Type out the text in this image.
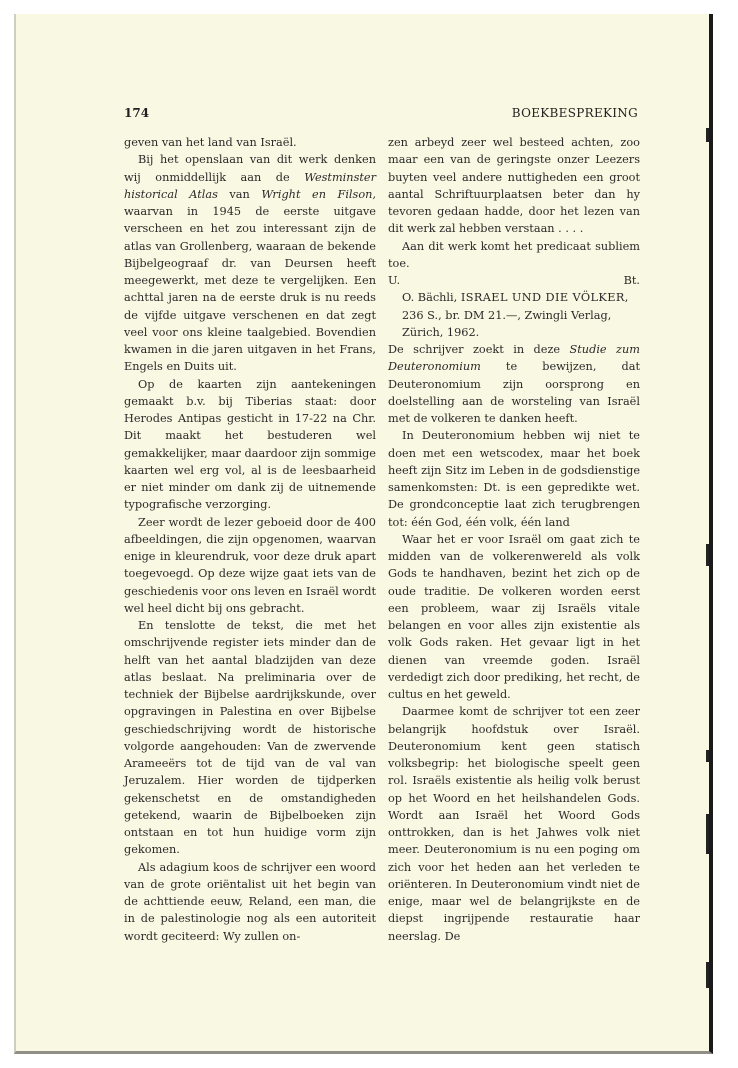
174	BOEKBESPREKING

geven van het land van Israël.

Bij het openslaan van dit werk denken wij onmiddellijk aan de Westminster historical Atlas van Wright en Filson, waarvan in 1945 de eerste uitgave verscheen en het zou interessant zijn de atlas van Grollenberg, waaraan de bekende Bijbelgeograaf dr. van Deursen heeft meegewerkt, met deze te vergelijken. Een achttal jaren na de eerste druk is nu reeds de vijfde uitgave verschenen en dat zegt veel voor ons kleine taalgebied. Bovendien kwamen in die jaren uitgaven in het Frans, Engels en Duits uit.

Op de kaarten zijn aantekeningen gemaakt b.v. bij Tiberias staat: door Herodes Antipas gesticht in 17-22 na Chr. Dit maakt het bestuderen wel gemakkelijker, maar daardoor zijn sommige kaarten wel erg vol, al is de leesbaarheid er niet minder om dank zij de uitnemende typografische verzorging.

Zeer wordt de lezer geboeid door de 400 afbeeldingen, die zijn opgenomen, waarvan enige in kleurendruk, voor deze druk apart toegevoegd. Op deze wijze gaat iets van de geschiedenis voor ons leven en Israël wordt wel heel dicht bij ons gebracht.

En tenslotte de tekst, die met het omschrijvende register iets minder dan de helft van het aantal bladzijden van deze atlas beslaat. Na preliminaria over de techniek der Bijbelse aardrijkskunde, over opgravingen in Palestina en over Bijbelse geschiedschrijving wordt de historische volgorde aangehouden: Van de zwervende Arameeërs tot de tijd van de val van Jeruzalem. Hier worden de tijdperken gekenschetst en de omstandigheden getekend, waarin de Bijbelboeken zijn ontstaan en tot hun huidige vorm zijn gekomen.

Als adagium koos de schrijver een woord van de grote oriëntalist uit het begin van de achttiende eeuw, Reland, een man, die in de palestinologie nog als een autoriteit wordt geciteerd: Wy zullen on-

zen arbeyd zeer wel besteed achten, zoo maar een van de geringste onzer Leezers buyten veel andere nuttigheden een groot aantal Schriftuurplaatsen beter dan hy tevoren gedaan hadde, door het lezen van dit werk zal hebben verstaan . . . .

Aan dit werk komt het predicaat subliem toe.

U.	Bt.

O. Bächli, ISRAEL UND DIE VÖLKER, 236 S., br. DM 21.—, Zwingli Verlag, Zürich, 1962.

De schrijver zoekt in deze Studie zum Deuteronomium te bewijzen, dat Deuteronomium zijn oorsprong en doelstelling aan de worsteling van Israël met de volkeren te danken heeft.

In Deuteronomium hebben wij niet te doen met een wetscodex, maar het boek heeft zijn Sitz im Leben in de godsdienstige samenkomsten: Dt. is een gepredikte wet. De grondconceptie laat zich terugbrengen tot: één God, één volk, één land

Waar het er voor Israël om gaat zich te midden van de volkerenwereld als volk Gods te handhaven, bezint het zich op de oude traditie. De volkeren worden eerst een probleem, waar zij Israëls vitale belangen en voor alles zijn existentie als volk Gods raken. Het gevaar ligt in het dienen van vreemde goden. Israël verdedigt zich door prediking, het recht, de cultus en het geweld.

Daarmee komt de schrijver tot een zeer belangrijk hoofdstuk over Israël. Deuteronomium kent geen statisch volksbegrip: het biologische speelt geen rol. Israëls existentie als heilig volk berust op het Woord en het heilshandelen Gods. Wordt aan Israël het Woord Gods onttrokken, dan is het Jahwes volk niet meer. Deuteronomium is nu een poging om zich voor het heden aan het verleden te oriënteren. In Deuteronomium vindt niet de enige, maar wel de belangrijkste en de diepst ingrijpende restauratie haar neerslag. De
